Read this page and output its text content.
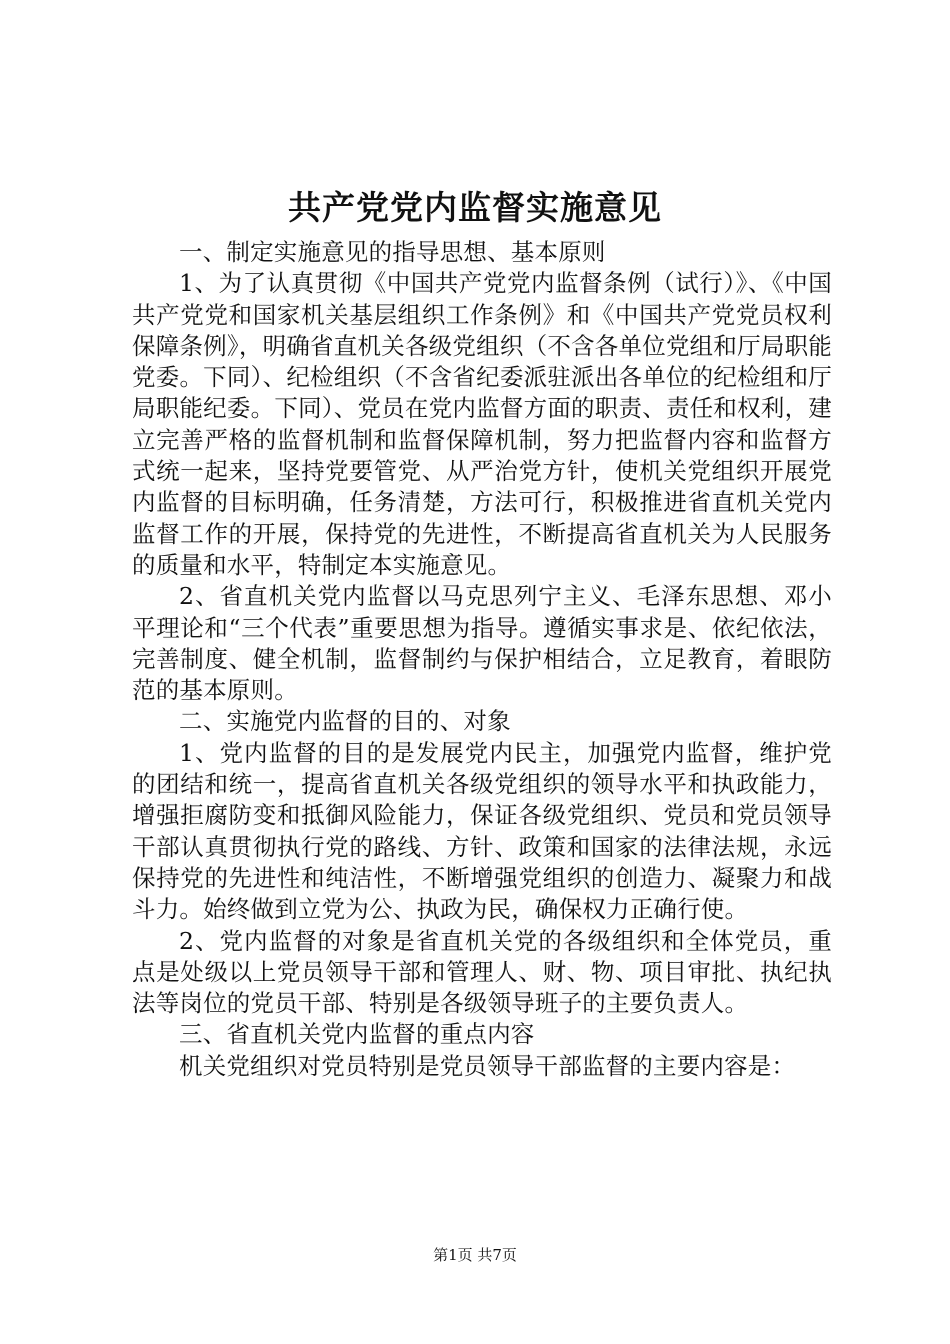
共产党党内监督实施意见

一、制定实施意见的指导思想、基本原则

1、为了认真贯彻《中国共产党党内监督条例（试行）》、《中国共产党党和国家机关基层组织工作条例》和《中国共产党党员权利保障条例》，明确省直机关各级党组织（不含各单位党组和厅局职能党委。下同）、纪检组织（不含省纪委派驻派出各单位的纪检组和厅局职能纪委。下同）、党员在党内监督方面的职责、责任和权利，建立完善严格的监督机制和监督保障机制，努力把监督内容和监督方式统一起来，坚持党要管党、从严治党方针，使机关党组织开展党内监督的目标明确，任务清楚，方法可行，积极推进省直机关党内监督工作的开展，保持党的先进性，不断提高省直机关为人民服务的质量和水平，特制定本实施意见。

2、省直机关党内监督以马克思列宁主义、毛泽东思想、邓小平理论和“三个代表”重要思想为指导。遵循实事求是、依纪依法，完善制度、健全机制，监督制约与保护相结合，立足教育，着眼防范的基本原则。

二、实施党内监督的目的、对象

1、党内监督的目的是发展党内民主，加强党内监督，维护党的团结和统一，提高省直机关各级党组织的领导水平和执政能力，增强拒腐防变和抵御风险能力，保证各级党组织、党员和党员领导干部认真贯彻执行党的路线、方针、政策和国家的法律法规，永远保持党的先进性和纯洁性，不断增强党组织的创造力、凝聚力和战斗力。始终做到立党为公、执政为民，确保权力正确行使。

2、党内监督的对象是省直机关党的各级组织和全体党员，重点是处级以上党员领导干部和管理人、财、物、项目审批、执纪执法等岗位的党员干部、特别是各级领导班子的主要负责人。

三、省直机关党内监督的重点内容

机关党组织对党员特别是党员领导干部监督的主要内容是：

第1页 共7页
